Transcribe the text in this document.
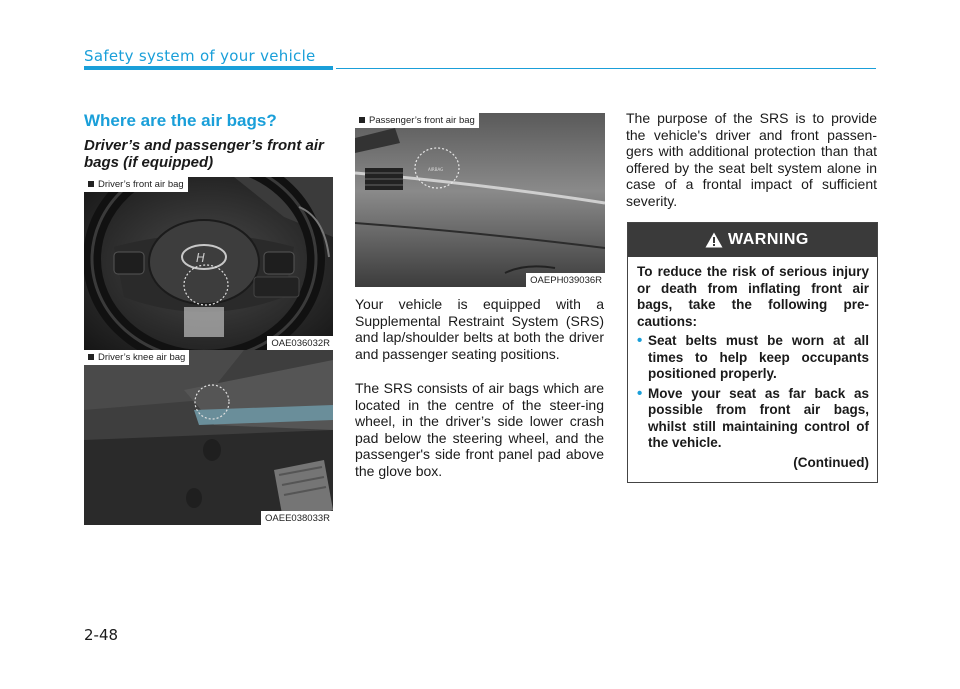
Safety system of your vehicle
Where are the air bags?
Driver’s and passenger’s front air bags (if equipped)
H
Driver’s front air bag
OAE036032R
Driver’s knee air bag
OAEE038033R
AIRBAG
Passenger’s front air bag
OAEPH039036R
Your vehicle is equipped with a Supplemental Restraint System (SRS) and lap/shoulder belts at both the driver and passenger seating positions.
The SRS consists of air bags which are located in the centre of the steer-ing wheel, in the driver’s side lower crash pad below the steering wheel, and the passenger's side front panel pad above the glove box.
The purpose of the SRS is to provide the vehicle's driver and front passen-gers with additional protection than that offered by the seat belt system alone in case of a frontal impact of sufficient severity.
WARNING

To reduce the risk of serious injury or death from inflating front air bags, take the following pre-cautions:

• Seat belts must be worn at all times to help keep occupants positioned properly.
• Move your seat as far back as possible from front air bags, whilst still maintaining control of the vehicle.
(Continued)
2-48
